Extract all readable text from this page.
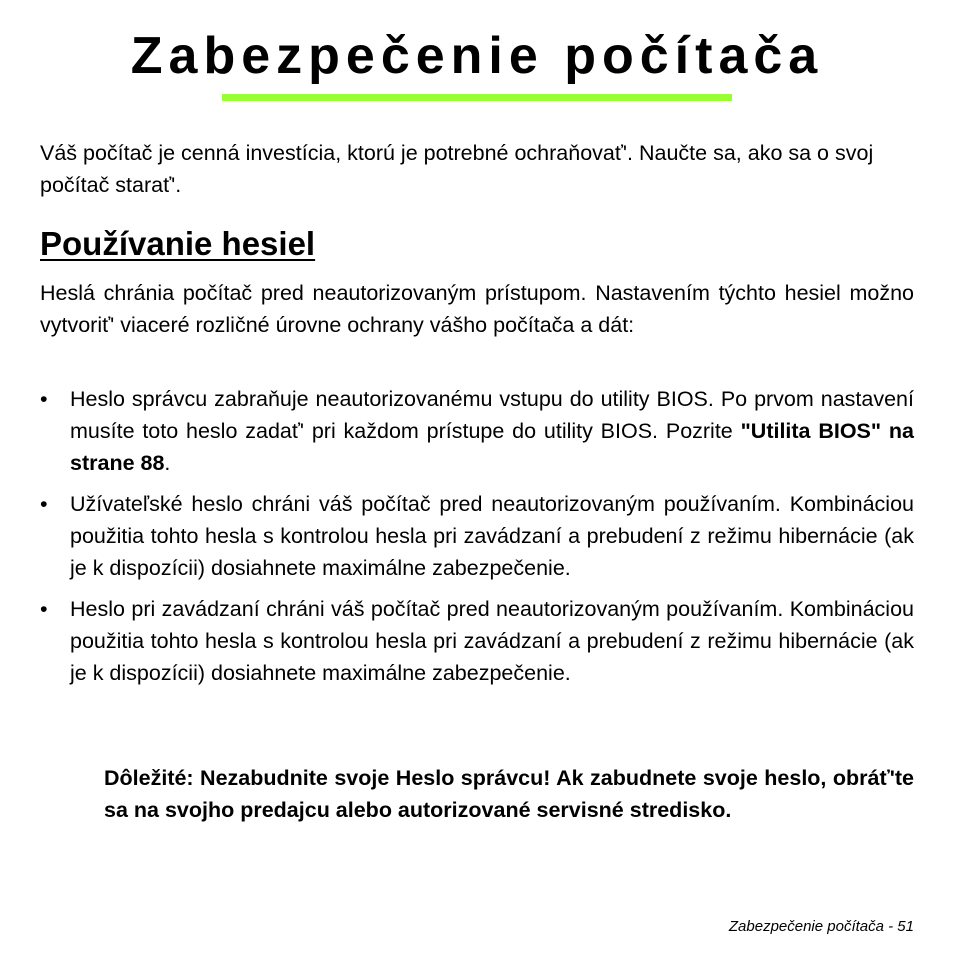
Zabezpečenie počítača

Váš počítač je cenná investícia, ktorú je potrebné ochraňovať'. Naučte sa, ako sa o svoj počítač starať'.

Používanie hesiel

Heslá chránia počítač pred neautorizovaným prístupom. Nastavením týchto hesiel možno vytvoriť' viaceré rozličné úrovne ochrany vášho počítača a dát:

• Heslo správcu zabraňuje neautorizovanému vstupu do utility BIOS. Po prvom nastavení musíte toto heslo zadať' pri každom prístupe do utility BIOS. Pozrite "Utilita BIOS" na strane 88.
• Užívateľské heslo chráni váš počítač pred neautorizovaným používaním. Kombináciou použitia tohto hesla s kontrolou hesla pri zavádzaní a prebudení z režimu hibernácie (ak je k dispozícii) dosiahnete maximálne zabezpečenie.
• Heslo pri zavádzaní chráni váš počítač pred neautorizovaným používaním. Kombináciou použitia tohto hesla s kontrolou hesla pri zavádzaní a prebudení z režimu hibernácie (ak je k dispozícii) dosiahnete maximálne zabezpečenie.

Dôležité: Nezabudnite svoje Heslo správcu! Ak zabudnete svoje heslo, obráť'te sa na svojho predajcu alebo autorizované servisné stredisko.

Zabezpečenie počítača - 51
